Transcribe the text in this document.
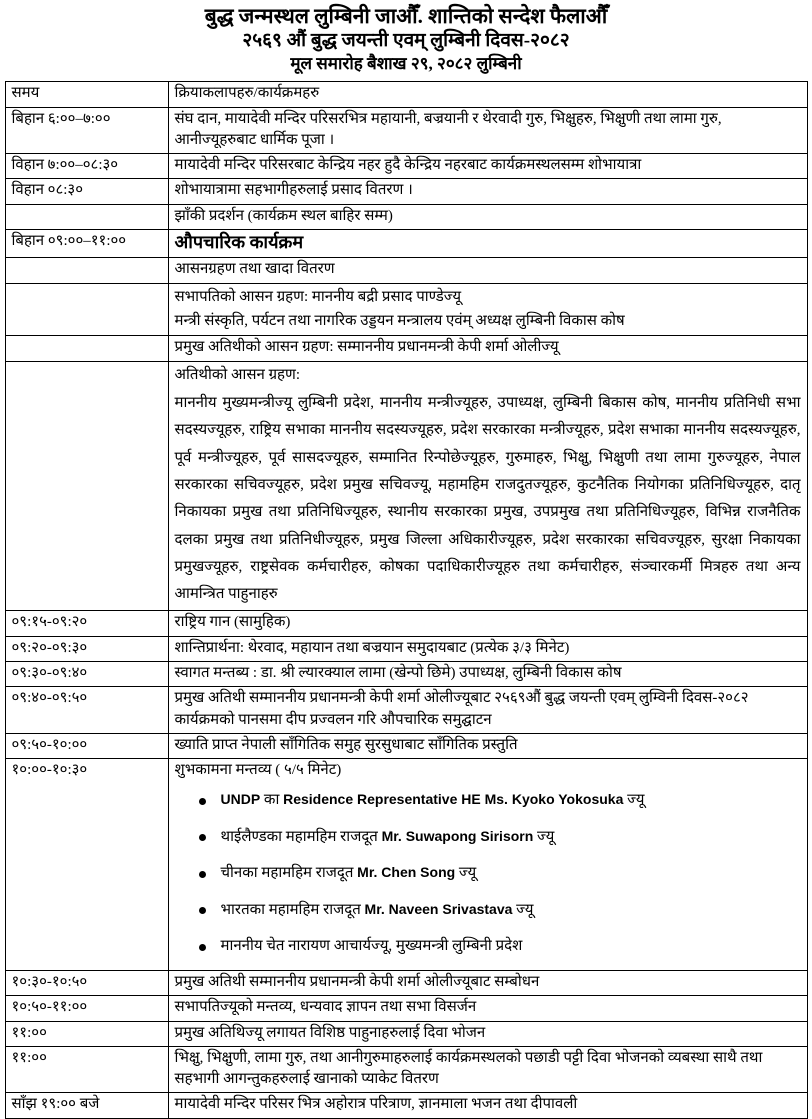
बुद्ध जन्मस्थल लुम्बिनी जाऔँ. शान्तिको सन्देश फैलाऔँ
२५६९ औं बुद्ध जयन्ती एवम् लुम्बिनी दिवस-२०८२
मूल समारोह बैशाख २९, २०८२ लुम्बिनी
समय	क्रियाकलापहरु/कार्यक्रमहरु
बिहान ६:००–७:००	संघ दान, मायादेवी मन्दिर परिसरभित्र महायानी, बज्रयानी र थेरवादी गुरु, भिक्षुहरु, भिक्षुणी तथा लामा गुरु, आनीज्यूहरुबाट धार्मिक पूजा ।
विहान ७:००–०८:३०	मायादेवी मन्दिर परिसरबाट केन्द्रिय नहर हुदै केन्द्रिय नहरबाट कार्यक्रमस्थलसम्म शोभायात्रा
विहान ०८:३०	शोभायात्रामा सहभागीहरुलाई प्रसाद वितरण ।
	झाँकी प्रदर्शन (कार्यक्रम स्थल बाहिर सम्म)
बिहान ०९:००–११:००	औपचारिक कार्यक्रम
	आसनग्रहण तथा खादा वितरण

	सभापतिको आसन ग्रहण: माननीय बद्री प्रसाद पाण्डेज्यू
मन्त्री संस्कृति, पर्यटन तथा नागरिक उड्डयन मन्त्रालय एवंम् अध्यक्ष लुम्बिनी विकास कोष

	प्रमुख अतिथीको आसन ग्रहण: सम्माननीय प्रधानमन्त्री केपी शर्मा ओलीज्यू

	अतिथीको आसन ग्रहण:
माननीय मुख्यमन्त्रीज्यू लुम्बिनी प्रदेश, माननीय मन्त्रीज्यूहरु, उपाध्यक्ष, लुम्बिनी बिकास कोष, माननीय प्रतिनिधी सभा सदस्यज्यूहरु, राष्ट्रिय सभाका माननीय सदस्यज्यूहरु, प्रदेश सरकारका मन्त्रीज्यूहरु, प्रदेश सभाका माननीय सदस्यज्यूहरु, पूर्व मन्त्रीज्यूहरु, पूर्व सासदज्यूहरु, सम्मानित रिन्पोछेज्यूहरु, गुरुमाहरु, भिक्षु, भिक्षुणी तथा लामा गुरुज्यूहरु, नेपाल सरकारका सचिवज्यूहरु, प्रदेश प्रमुख सचिवज्यू, महामहिम राजदुतज्यूहरु, कुटनैतिक नियोगका प्रतिनिधिज्यूहरु, दातृ निकायका प्रमुख तथा प्रतिनिधिज्यूहरु, स्थानीय सरकारका प्रमुख, उपप्रमुख तथा प्रतिनिधिज्यूहरु, विभिन्न राजनैतिक दलका प्रमुख तथा प्रतिनिधीज्यूहरु, प्रमुख जिल्ला अधिकारीज्यूहरु, प्रदेश सरकारका सचिवज्यूहरु, सुरक्षा निकायका प्रमुखज्यूहरु, राष्ट्रसेवक कर्मचारीहरु, कोषका पदाधिकारीज्यूहरु तथा कर्मचारीहरु, संञ्चारकर्मी मित्रहरु तथा अन्य आमन्त्रित पाहुनाहरु

०९:१५-०९:२०	राष्ट्रिय गान (सामुहिक)
०९:२०-०९:३०	शान्तिप्रार्थना: थेरवाद, महायान तथा बज्रयान समुदायबाट (प्रत्येक ३/३ मिनेट)
०९:३०-०९:४०	स्वागत मन्तब्य : डा. श्री ल्यारक्याल लामा (खेन्पो छिमे) उपाध्यक्ष, लुम्बिनी विकास कोष
०९:४०-०९:५०	प्रमुख अतिथी सम्माननीय प्रधानमन्त्री केपी शर्मा ओलीज्यूबाट २५६९औं बुद्ध जयन्ती एवम् लुम्विनी दिवस-२०८२ कार्यक्रमको पानसमा दीप प्रज्वलन गरि औपचारिक समुद्घाटन
०९:५०-१०:००	ख्याति प्राप्त नेपाली साँगितिक समुह सुरसुधाबाट साँगितिक प्रस्तुति
१०:००-१०:३०	शुभकामना मन्तव्य ( ५/५ मिनेट)
UNDP का Residence Representative HE Ms. Kyoko Yokosuka ज्यू
थाईलैण्डका महामहिम राजदूत Mr. Suwapong Sirisorn ज्यू
चीनका महामहिम राजदूत Mr. Chen Song ज्यू
भारतका महामहिम राजदूत Mr. Naveen Srivastava ज्यू
माननीय चेत नारायण आचार्यज्यू, मुख्यमन्त्री लुम्बिनी प्रदेश

१०:३०-१०:५०	प्रमुख अतिथी सम्माननीय प्रधानमन्त्री केपी शर्मा ओलीज्यूबाट सम्बोधन
१०:५०-११:००	सभापतिज्यूको मन्तव्य, धन्यवाद ज्ञापन तथा सभा विसर्जन
११:००	प्रमुख अतिथिज्यू लगायत विशिष्ठ पाहुनाहरुलाई दिवा भोजन
११:००	भिक्षु, भिक्षुणी, लामा गुरु, तथा आनीगुरुमाहरुलाई कार्यक्रमस्थलको पछाडी पट्टी दिवा भोजनको व्यबस्था साथै तथा सहभागी आगन्तुकहरुलाई खानाको प्याकेट वितरण
साँझ १९:०० बजे	मायादेवी मन्दिर परिसर भित्र अहोरात्र परित्राण, ज्ञानमाला भजन तथा दीपावली
